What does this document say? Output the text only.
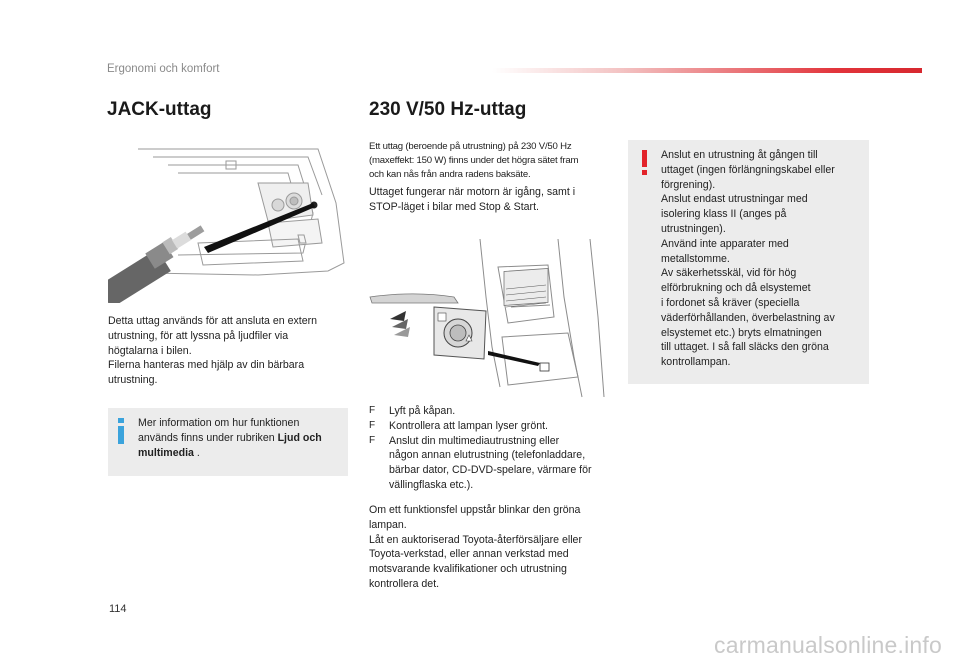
Ergonomi och komfort
JACK-uttag
Detta uttag används för att ansluta en extern
utrustning, för att lyssna på ljudfiler via
högtalarna i bilen.
Filerna hanteras med hjälp av din bärbara
utrustning.
Mer information om hur funktionen
används finns under rubriken Ljud och
multimedia .
230 V/50 Hz-uttag
Ett uttag (beroende på utrustning) på 230 V/50 Hz
(maxeffekt: 150 W) finns under det högra sätet fram
och kan nås från andra radens baksäte.
Uttaget fungerar när motorn är igång, samt i
STOP-läget i bilar med Stop & Start.
F Lyft på kåpan.
F Kontrollera att lampan lyser grönt.
F Anslut din multimediautrustning eller
någon annan elutrustning (telefonladdare,
bärbar dator, CD-DVD-spelare, värmare för
vällingflaska etc.).
Om ett funktionsfel uppstår blinkar den gröna
lampan.
Låt en auktoriserad Toyota-återförsäljare eller
Toyota-verkstad, eller annan verkstad med
motsvarande kvalifikationer och utrustning
kontrollera det.
Anslut en utrustning åt gången till
uttaget (ingen förlängningskabel eller
förgrening).
Anslut endast utrustningar med
isolering klass II (anges på
utrustningen).
Använd inte apparater med
metallstomme.
Av säkerhetsskäl, vid för hög
elförbrukning och då elsystemet
i fordonet så kräver (speciella
väderförhållanden, överbelastning av
elsystemet etc.) bryts elmatningen
till uttaget. I så fall släcks den gröna
kontrollampan.
114
carmanualsonline.info
